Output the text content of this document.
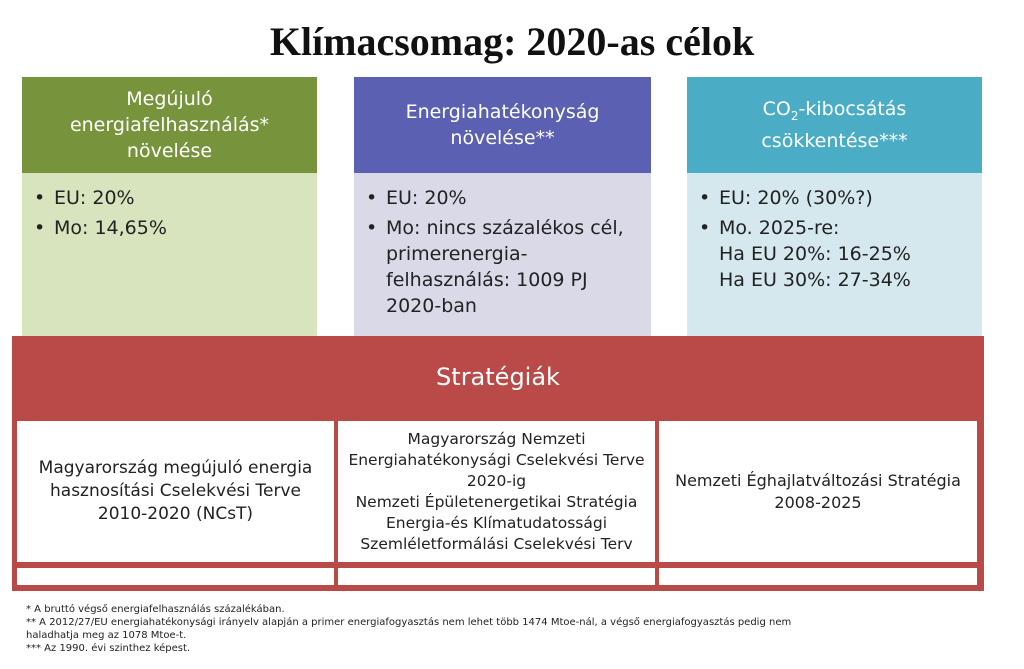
Klímacsomag: 2020-as célok
Megújuló energiafelhasználás* növelése
• EU: 20%
• Mo: 14,65%
Energiahatékonyság növelése**
• EU: 20%
• Mo: nincs százalékos cél, primerenergia-felhasználás: 1009 PJ 2020-ban
$CO_2$-kibocsátás csökkentése***
• EU: 20% (30%?)
• Mo. 2025-re:
Ha EU 20%: 16-25%
Ha EU 30%: 27-34%
Stratégiák
Magyarország megújuló energia hasznosítási Cselekvési Terve 2010-2020 (NCsT)
Magyarország Nemzeti Energiahatékonysági Cselekvési Terve 2020-ig
Nemzeti Épületenergetikai Stratégia
Energia-és Klímatudatossági Szemléletformálási Cselekvési Terv
Nemzeti Éghajlatváltozási Stratégia 2008-2025
* A bruttó végső energiafelhasználás százalékában.
** A 2012/27/EU energiahatékonysági irányelv alapján a primer energiafogyasztás nem lehet több 1474 Mtoe-nál, a végső energiafogyasztás pedig nem haladhatja meg az 1078 Mtoe-t.
*** Az 1990. évi szinthez képest.
